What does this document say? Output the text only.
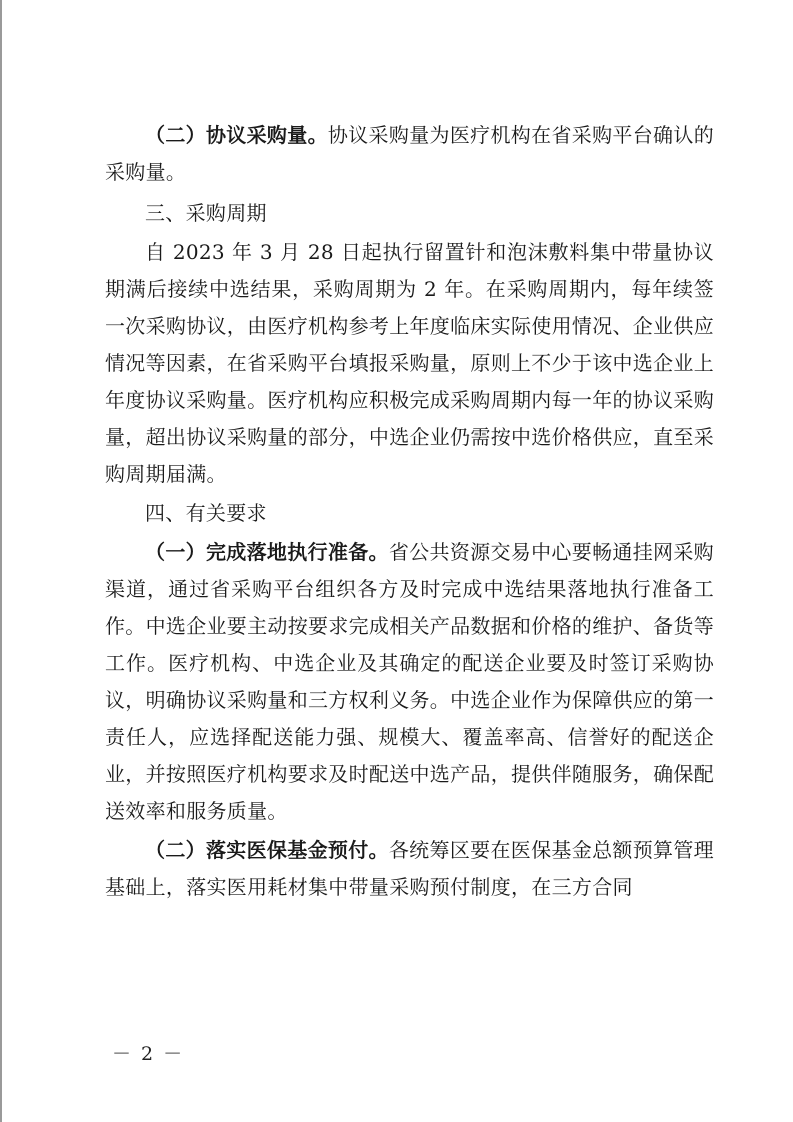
（二）协议采购量。协议采购量为医疗机构在省采购平台确认的采购量。

三、采购周期

自 2023 年 3 月 28 日起执行留置针和泡沫敷料集中带量协议期满后接续中选结果，采购周期为 2 年。在采购周期内，每年续签一次采购协议，由医疗机构参考上年度临床实际使用情况、企业供应情况等因素，在省采购平台填报采购量，原则上不少于该中选企业上年度协议采购量。医疗机构应积极完成采购周期内每一年的协议采购量，超出协议采购量的部分，中选企业仍需按中选价格供应，直至采购周期届满。

四、有关要求

（一）完成落地执行准备。省公共资源交易中心要畅通挂网采购渠道，通过省采购平台组织各方及时完成中选结果落地执行准备工作。中选企业要主动按要求完成相关产品数据和价格的维护、备货等工作。医疗机构、中选企业及其确定的配送企业要及时签订采购协议，明确协议采购量和三方权利义务。中选企业作为保障供应的第一责任人，应选择配送能力强、规模大、覆盖率高、信誉好的配送企业，并按照医疗机构要求及时配送中选产品，提供伴随服务，确保配送效率和服务质量。

（二）落实医保基金预付。各统筹区要在医保基金总额预算管理基础上，落实医用耗材集中带量采购预付制度，在三方合同

－ 2 －
